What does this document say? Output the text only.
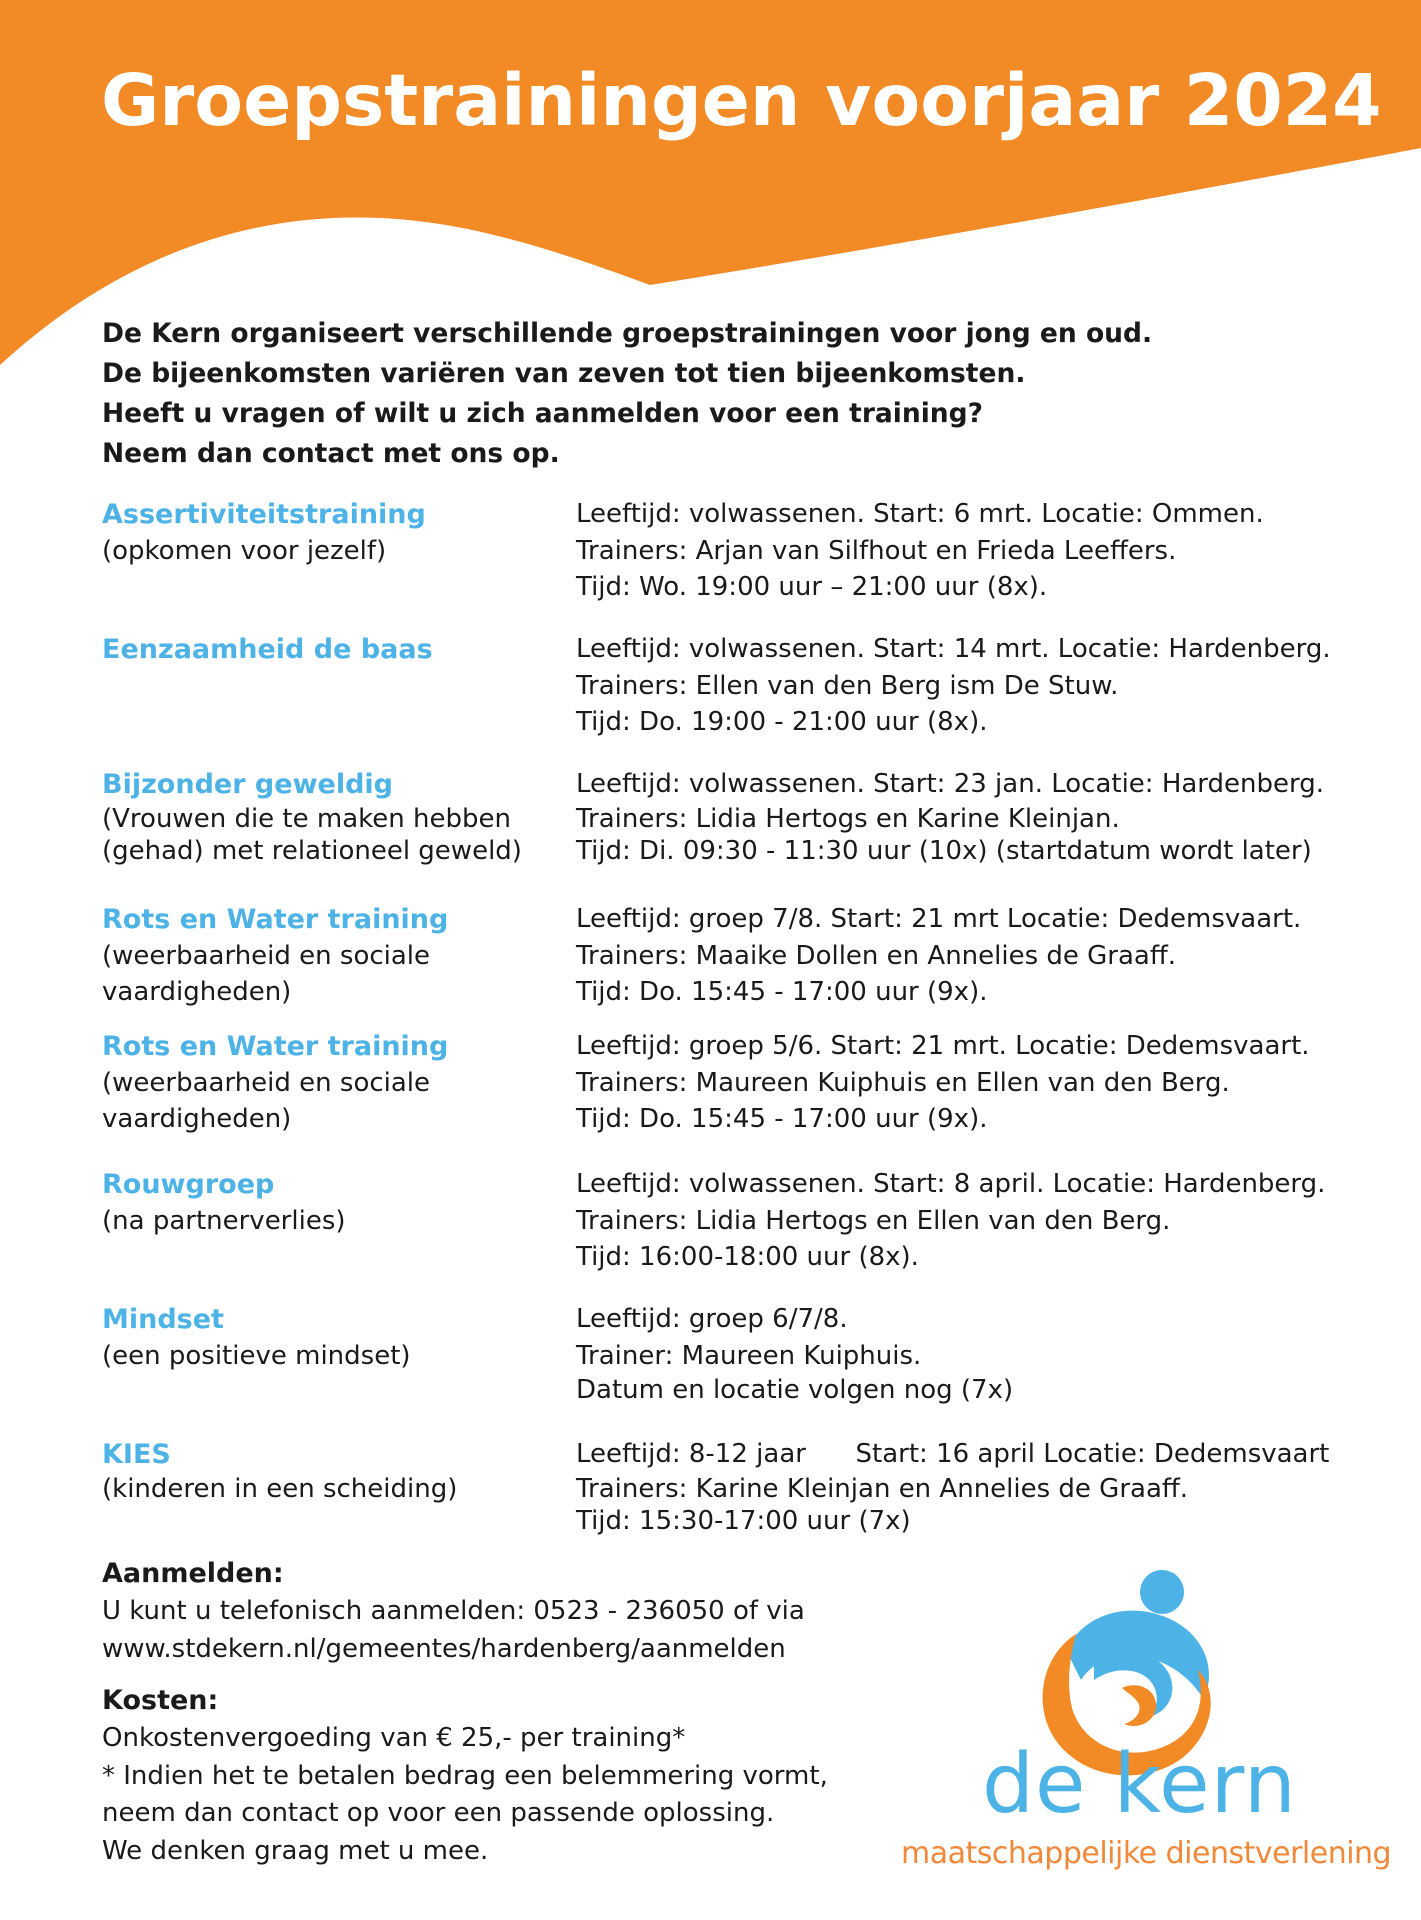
Groepstrainingen voorjaar 2024
De Kern organiseert verschillende groepstrainingen voor jong en oud.
De bijeenkomsten variëren van zeven tot tien bijeenkomsten.
Heeft u vragen of wilt u zich aanmelden voor een training?
Neem dan contact met ons op.
Assertiviteitstraining
(opkomen voor jezelf)
Leeftijd: volwassenen. Start: 6 mrt. Locatie: Ommen.
Trainers: Arjan van Silfhout en Frieda Leeffers.
Tijd: Wo. 19:00 uur – 21:00 uur (8x).
Eenzaamheid de baas	Leeftijd: volwassenen. Start: 14 mrt. Locatie: Hardenberg.
Trainers: Ellen van den Berg ism De Stuw.
Tijd: Do. 19:00 - 21:00 uur (8x).
Bijzonder geweldig
(Vrouwen die te maken hebben
(gehad) met relationeel geweld)
Leeftijd: volwassenen. Start: 23 jan. Locatie: Hardenberg.
Trainers: Lidia Hertogs en Karine Kleinjan.
Tijd: Di. 09:30 - 11:30 uur (10x) (startdatum wordt later)
Rots en Water training
(weerbaarheid en sociale
vaardigheden)
Leeftijd: groep 7/8. Start: 21 mrt Locatie: Dedemsvaart.
Trainers: Maaike Dollen en Annelies de Graaff.
Tijd: Do. 15:45 - 17:00 uur (9x).
Rots en Water training
(weerbaarheid en sociale
vaardigheden)
Leeftijd: groep 5/6. Start: 21 mrt. Locatie: Dedemsvaart.
Trainers: Maureen Kuiphuis en Ellen van den Berg.
Tijd: Do. 15:45 - 17:00 uur (9x).
Rouwgroep
(na partnerverlies)
Leeftijd: volwassenen. Start: 8 april. Locatie: Hardenberg.
Trainers: Lidia Hertogs en Ellen van den Berg.
Tijd: 16:00-18:00 uur (8x).
Mindset
(een positieve mindset)
Leeftijd: groep 6/7/8.
Trainer: Maureen Kuiphuis.
Datum en locatie volgen nog (7x)
KIES
(kinderen in een scheiding)
Leeftijd: 8-12 jaar      Start: 16 april Locatie: Dedemsvaart
Trainers: Karine Kleinjan en Annelies de Graaff.
Tijd: 15:30-17:00 uur (7x)
Aanmelden:
U kunt u telefonisch aanmelden: 0523 - 236050 of via
www.stdekern.nl/gemeentes/hardenberg/aanmelden
Kosten:
Onkostenvergoeding van € 25,- per training*
* Indien het te betalen bedrag een belemmering vormt,
neem dan contact op voor een passende oplossing.
We denken graag met u mee.
de kern
maatschappelijke dienstverlening
